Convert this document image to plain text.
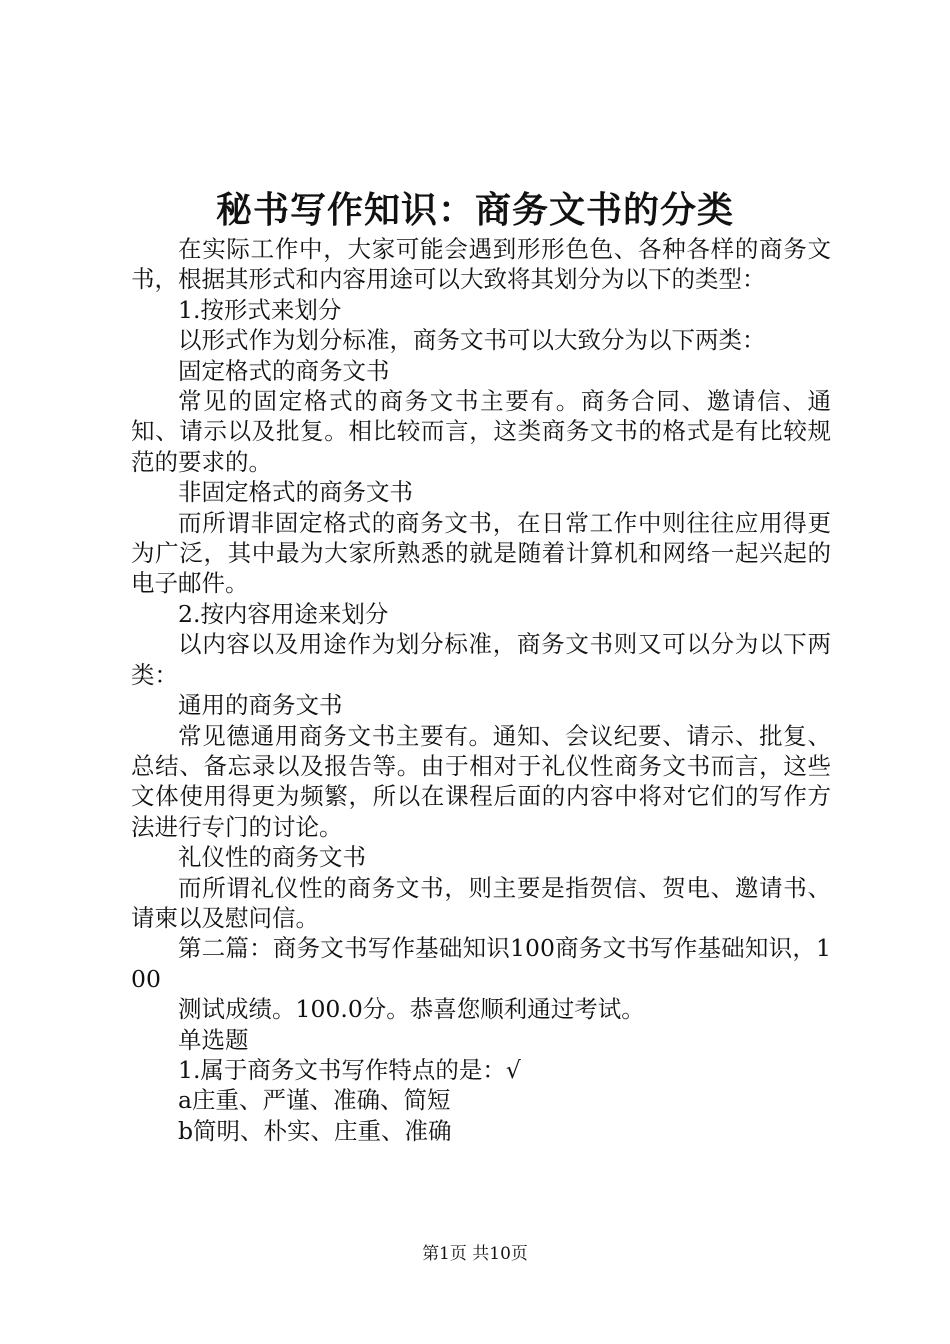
秘书写作知识：商务文书的分类

在实际工作中，大家可能会遇到形形色色、各种各样的商务文书，根据其形式和内容用途可以大致将其划分为以下的类型：

1.按形式来划分

以形式作为划分标准，商务文书可以大致分为以下两类：

固定格式的商务文书

常见的固定格式的商务文书主要有。商务合同、邀请信、通知、请示以及批复。相比较而言，这类商务文书的格式是有比较规范的要求的。

非固定格式的商务文书

而所谓非固定格式的商务文书，在日常工作中则往往应用得更为广泛，其中最为大家所熟悉的就是随着计算机和网络一起兴起的电子邮件。

2.按内容用途来划分

以内容以及用途作为划分标准，商务文书则又可以分为以下两类：

通用的商务文书

常见德通用商务文书主要有。通知、会议纪要、请示、批复、总结、备忘录以及报告等。由于相对于礼仪性商务文书而言，这些文体使用得更为频繁，所以在课程后面的内容中将对它们的写作方法进行专门的讨论。

礼仪性的商务文书

而所谓礼仪性的商务文书，则主要是指贺信、贺电、邀请书、请柬以及慰问信。

第二篇：商务文书写作基础知识100商务文书写作基础知识，100

测试成绩。100.0分。恭喜您顺利通过考试。

单选题

1.属于商务文书写作特点的是：√

a庄重、严谨、准确、简短

b简明、朴实、庄重、准确

第1页 共10页
